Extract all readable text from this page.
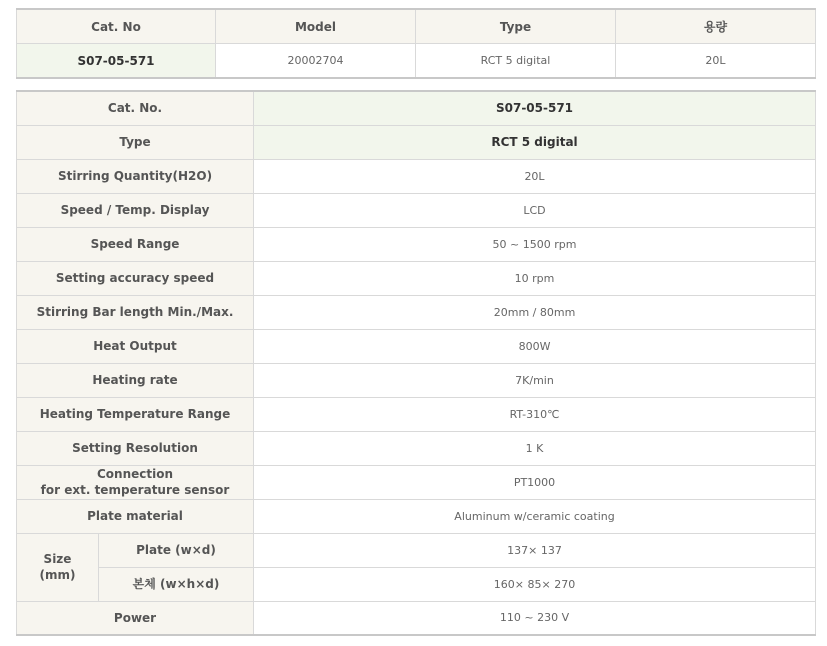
Cat. No	Model	Type	용량
S07-05-571	20002704	RCT 5 digital	20L
Cat. No.		S07-05-571
Type		RCT 5 digital
Stirring Quantity(H2O)		20L
Speed / Temp. Display		LCD
Speed Range		50 ~ 1500 rpm
Setting accuracy speed		10 rpm
Stirring Bar length Min./Max.		20mm / 80mm
Heat Output		800W
Heating rate		7K/min
Heating Temperature Range		RT-310℃
Setting Resolution		1 K
Connection
for ext. temperature sensor		PT1000
Plate material		Aluminum w/ceramic coating
Size
(mm)	Plate (w×d)	137× 137
	본체 (w×h×d)	160× 85× 270
Power		110 ~ 230 V
